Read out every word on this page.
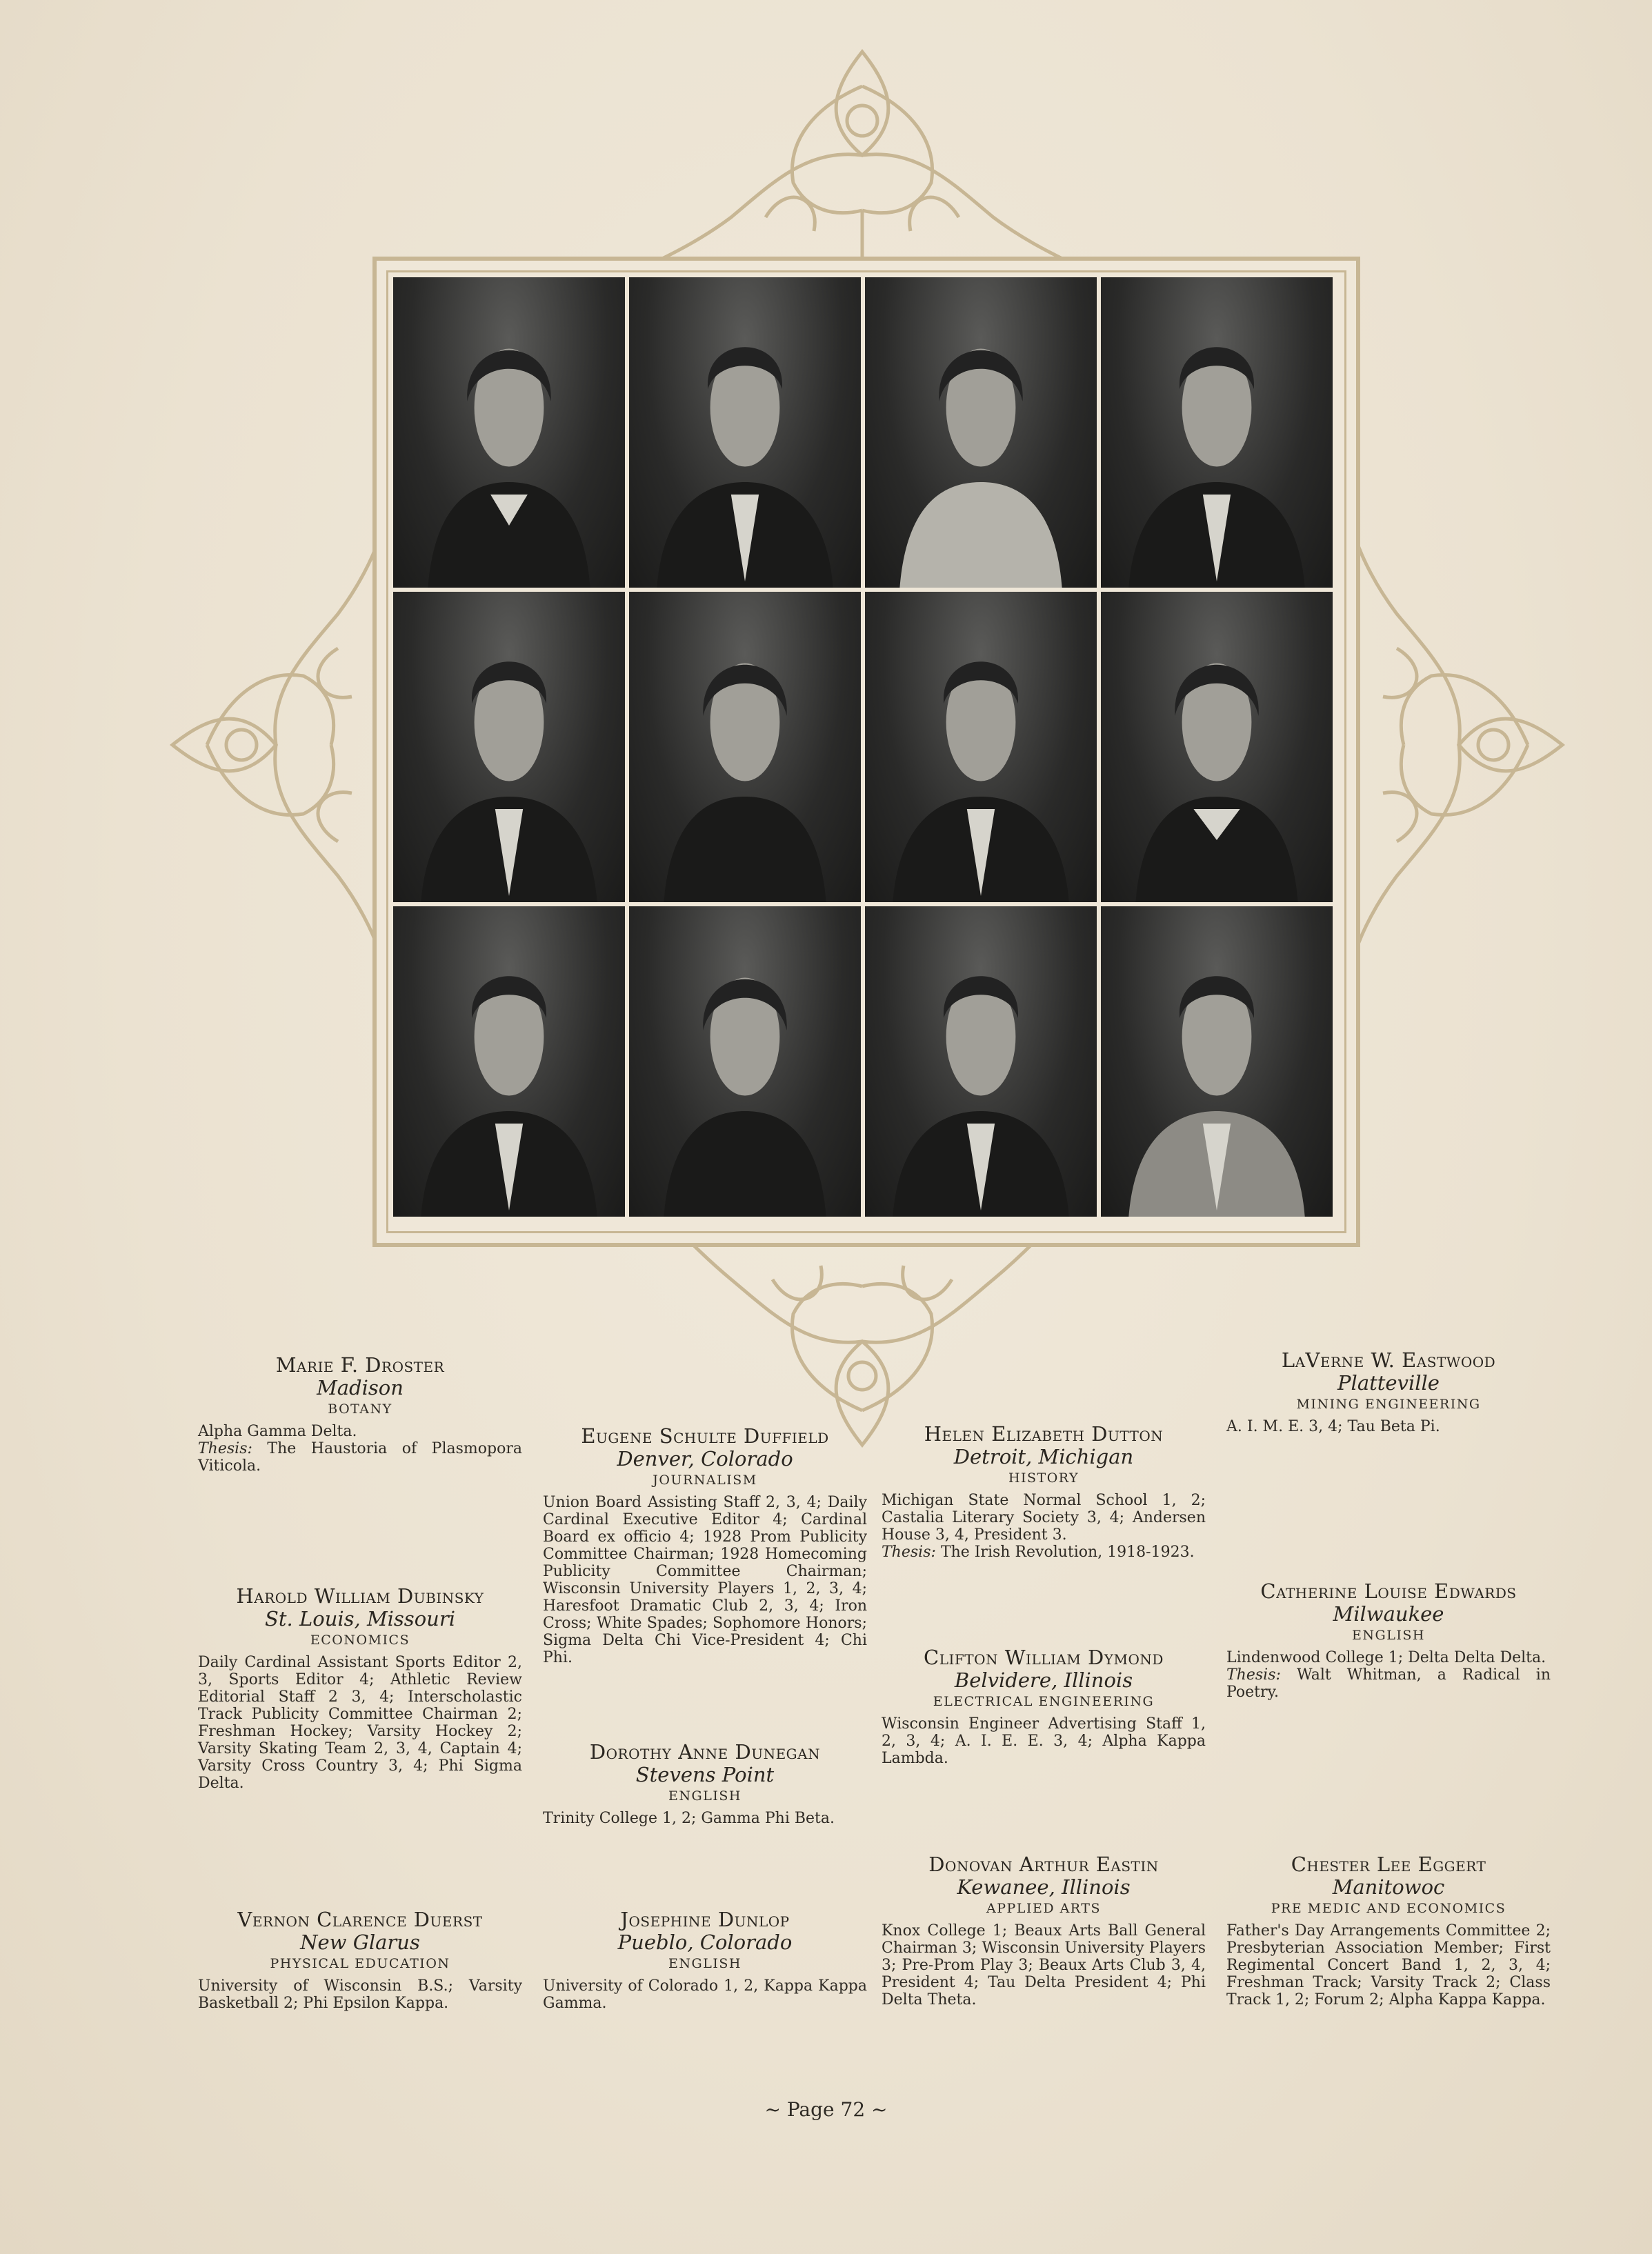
Marie F. Droster
Madison
BOTANY
Alpha Gamma Delta.
Thesis: The Haustoria of Plasmopora Viticola.
Harold William Dubinsky
St. Louis, Missouri
ECONOMICS
Daily Cardinal Assistant Sports Editor 2, 3, Sports Editor 4; Athletic Review Editorial Staff 2 3, 4; Interscholastic Track Publicity Committee Chairman 2; Freshman Hockey; Varsity Hockey 2; Varsity Skating Team 2, 3, 4, Captain 4; Varsity Cross Country 3, 4; Phi Sigma Delta.
Vernon Clarence Duerst
New Glarus
PHYSICAL EDUCATION
University of Wisconsin B.S.; Varsity Basketball 2; Phi Epsilon Kappa.
Eugene Schulte Duffield
Denver, Colorado
JOURNALISM
Union Board Assisting Staff 2, 3, 4; Daily Cardinal Executive Editor 4; Cardinal Board ex officio 4; 1928 Prom Publicity Committee Chairman; 1928 Homecoming Publicity Committee Chairman; Wisconsin University Players 1, 2, 3, 4; Haresfoot Dramatic Club 2, 3, 4; Iron Cross; White Spades; Sophomore Honors; Sigma Delta Chi Vice-President 4; Chi Phi.
Dorothy Anne Dunegan
Stevens Point
ENGLISH
Trinity College 1, 2; Gamma Phi Beta.
Josephine Dunlop
Pueblo, Colorado
ENGLISH
University of Colorado 1, 2, Kappa Kappa Gamma.
Helen Elizabeth Dutton
Detroit, Michigan
HISTORY
Michigan State Normal School 1, 2; Castalia Literary Society 3, 4; Andersen House 3, 4, President 3.
Thesis: The Irish Revolution, 1918-1923.
Clifton William Dymond
Belvidere, Illinois
ELECTRICAL ENGINEERING
Wisconsin Engineer Advertising Staff 1, 2, 3, 4; A. I. E. E. 3, 4; Alpha Kappa Lambda.
Donovan Arthur Eastin
Kewanee, Illinois
APPLIED ARTS
Knox College 1; Beaux Arts Ball General Chairman 3; Wisconsin University Players 3; Pre-Prom Play 3; Beaux Arts Club 3, 4, President 4; Tau Delta President 4; Phi Delta Theta.
LaVerne W. Eastwood
Platteville
MINING ENGINEERING
A. I. M. E. 3, 4; Tau Beta Pi.
Catherine Louise Edwards
Milwaukee
ENGLISH
Lindenwood College 1; Delta Delta Delta.
Thesis: Walt Whitman, a Radical in Poetry.
Chester Lee Eggert
Manitowoc
PRE MEDIC AND ECONOMICS
Father's Day Arrangements Committee 2; Presbyterian Association Member; First Regimental Concert Band 1, 2, 3, 4; Freshman Track; Varsity Track 2; Class Track 1, 2; Forum 2; Alpha Kappa Kappa.
~ Page 72 ~
